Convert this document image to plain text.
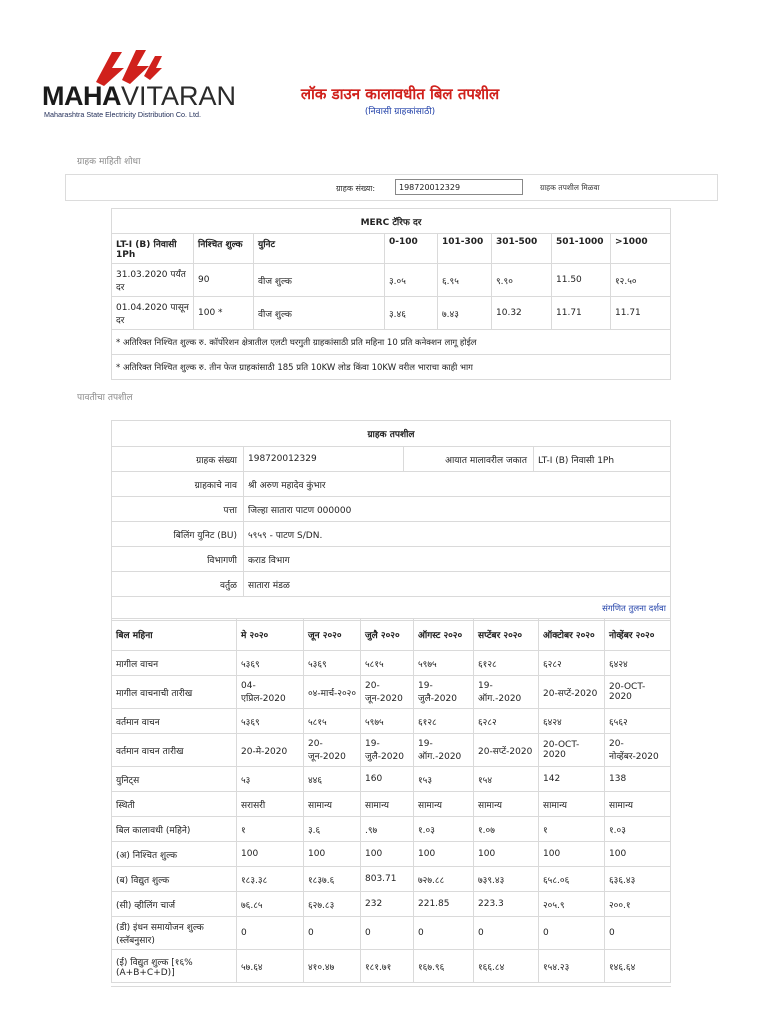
MAHAVITARAN
Maharashtra State Electricity Distribution Co. Ltd.
लॉक डाउन कालावधीत बिल तपशील
(निवासी ग्राहकांसाठी)
ग्राहक माहिती शोधा
ग्राहक संख्या:
198720012329	ग्राहक तपशील मिळवा
MERC टॅरिफ दर							
LT-I (B) निवासी 1Ph	निश्चित शुल्क	युनिट	0-100	101-300	301-500	501-1000	>1000
31.03.2020 पर्यंत दर	90	वीज शुल्क	३.०५	६.९५	९.९०	11.50	१२.५०
01.04.2020 पासून दर	100 *	वीज शुल्क	३.४६	७.४३	10.32	11.71	11.71
* अतिरिक्त निश्चित शुल्क रु. कॉर्पोरेशन क्षेत्रातील एलटी घरगुती ग्राहकांसाठी प्रति महिना 10 प्रति कनेक्शन लागू होईल							
* अतिरिक्त निश्चित शुल्क रु. तीन फेज ग्राहकांसाठी 185 प्रति 10KW लोड किंवा 10KW वरील भाराचा काही भाग							
पावतीचा तपशील
ग्राहक तपशील			
ग्राहक संख्या	198720012329	आयात मालावरील जकात	LT-I (B) निवासी 1Ph
ग्राहकाचे नाव	श्री अरुण महादेव कुंभार		
पत्ता	जिल्हा सातारा पाटण 000000		
बिलिंग युनिट (BU)	५९५९ - पाटण S/DN.		
विभागणी	कराड विभाग		
वर्तुळ	सातारा मंडळ		
संगणित तुलना दर्शवा			
बिल महिना	मे २०२०	जून २०२०	जुलै २०२०	ऑगस्ट २०२०	सप्टेंबर २०२०	ऑक्टोबर २०२०	नोव्हेंबर २०२०
मागील वाचन	५३६९	५३६९	५८१५	५९७५	६१२८	६२८२	६४२४
मागील वाचनाची तारीख	04-एप्रिल-2020	०४-मार्च-२०२०	20-जून-2020	19-जुलै-2020	19-ऑग.-2020	20-सप्टें-2020	20-OCT-2020
वर्तमान वाचन	५३६९	५८१५	५९७५	६१२८	६२८२	६४२४	६५६२
वर्तमान वाचन तारीख	20-मे-2020	20-जून-2020	19-जुलै-2020	19-ऑग.-2020	20-सप्टें-2020	20-OCT-2020	20-नोव्हेंबर-2020
युनिट्स	५३	४४६	160	१५३	१५४	142	138
स्थिती	सरासरी	सामान्य	सामान्य	सामान्य	सामान्य	सामान्य	सामान्य
बिल कालावधी (महिने)	१	३.६	.९७	१.०३	१.०७	१	१.०३
(अ) निश्चित शुल्क	100	100	100	100	100	100	100
(ब) विद्युत शुल्क	१८३.३८	१८३७.६	803.71	७२७.८८	७३९.४३	६५८.०६	६३६.४३
(सी) व्हीलिंग चार्ज	७६.८५	६२७.८३	232	221.85	223.3	२०५.९	२००.१
(डी) इंधन समायोजन शुल्क (स्लॅबनुसार)	0	0	0	0	0	0	0
(ई) विद्युत शुल्क [१६% (A+B+C+D)]	५७.६४	४१०.४७	१८१.७१	१६७.९६	१६६.८४	१५४.२३	१४६.६४
